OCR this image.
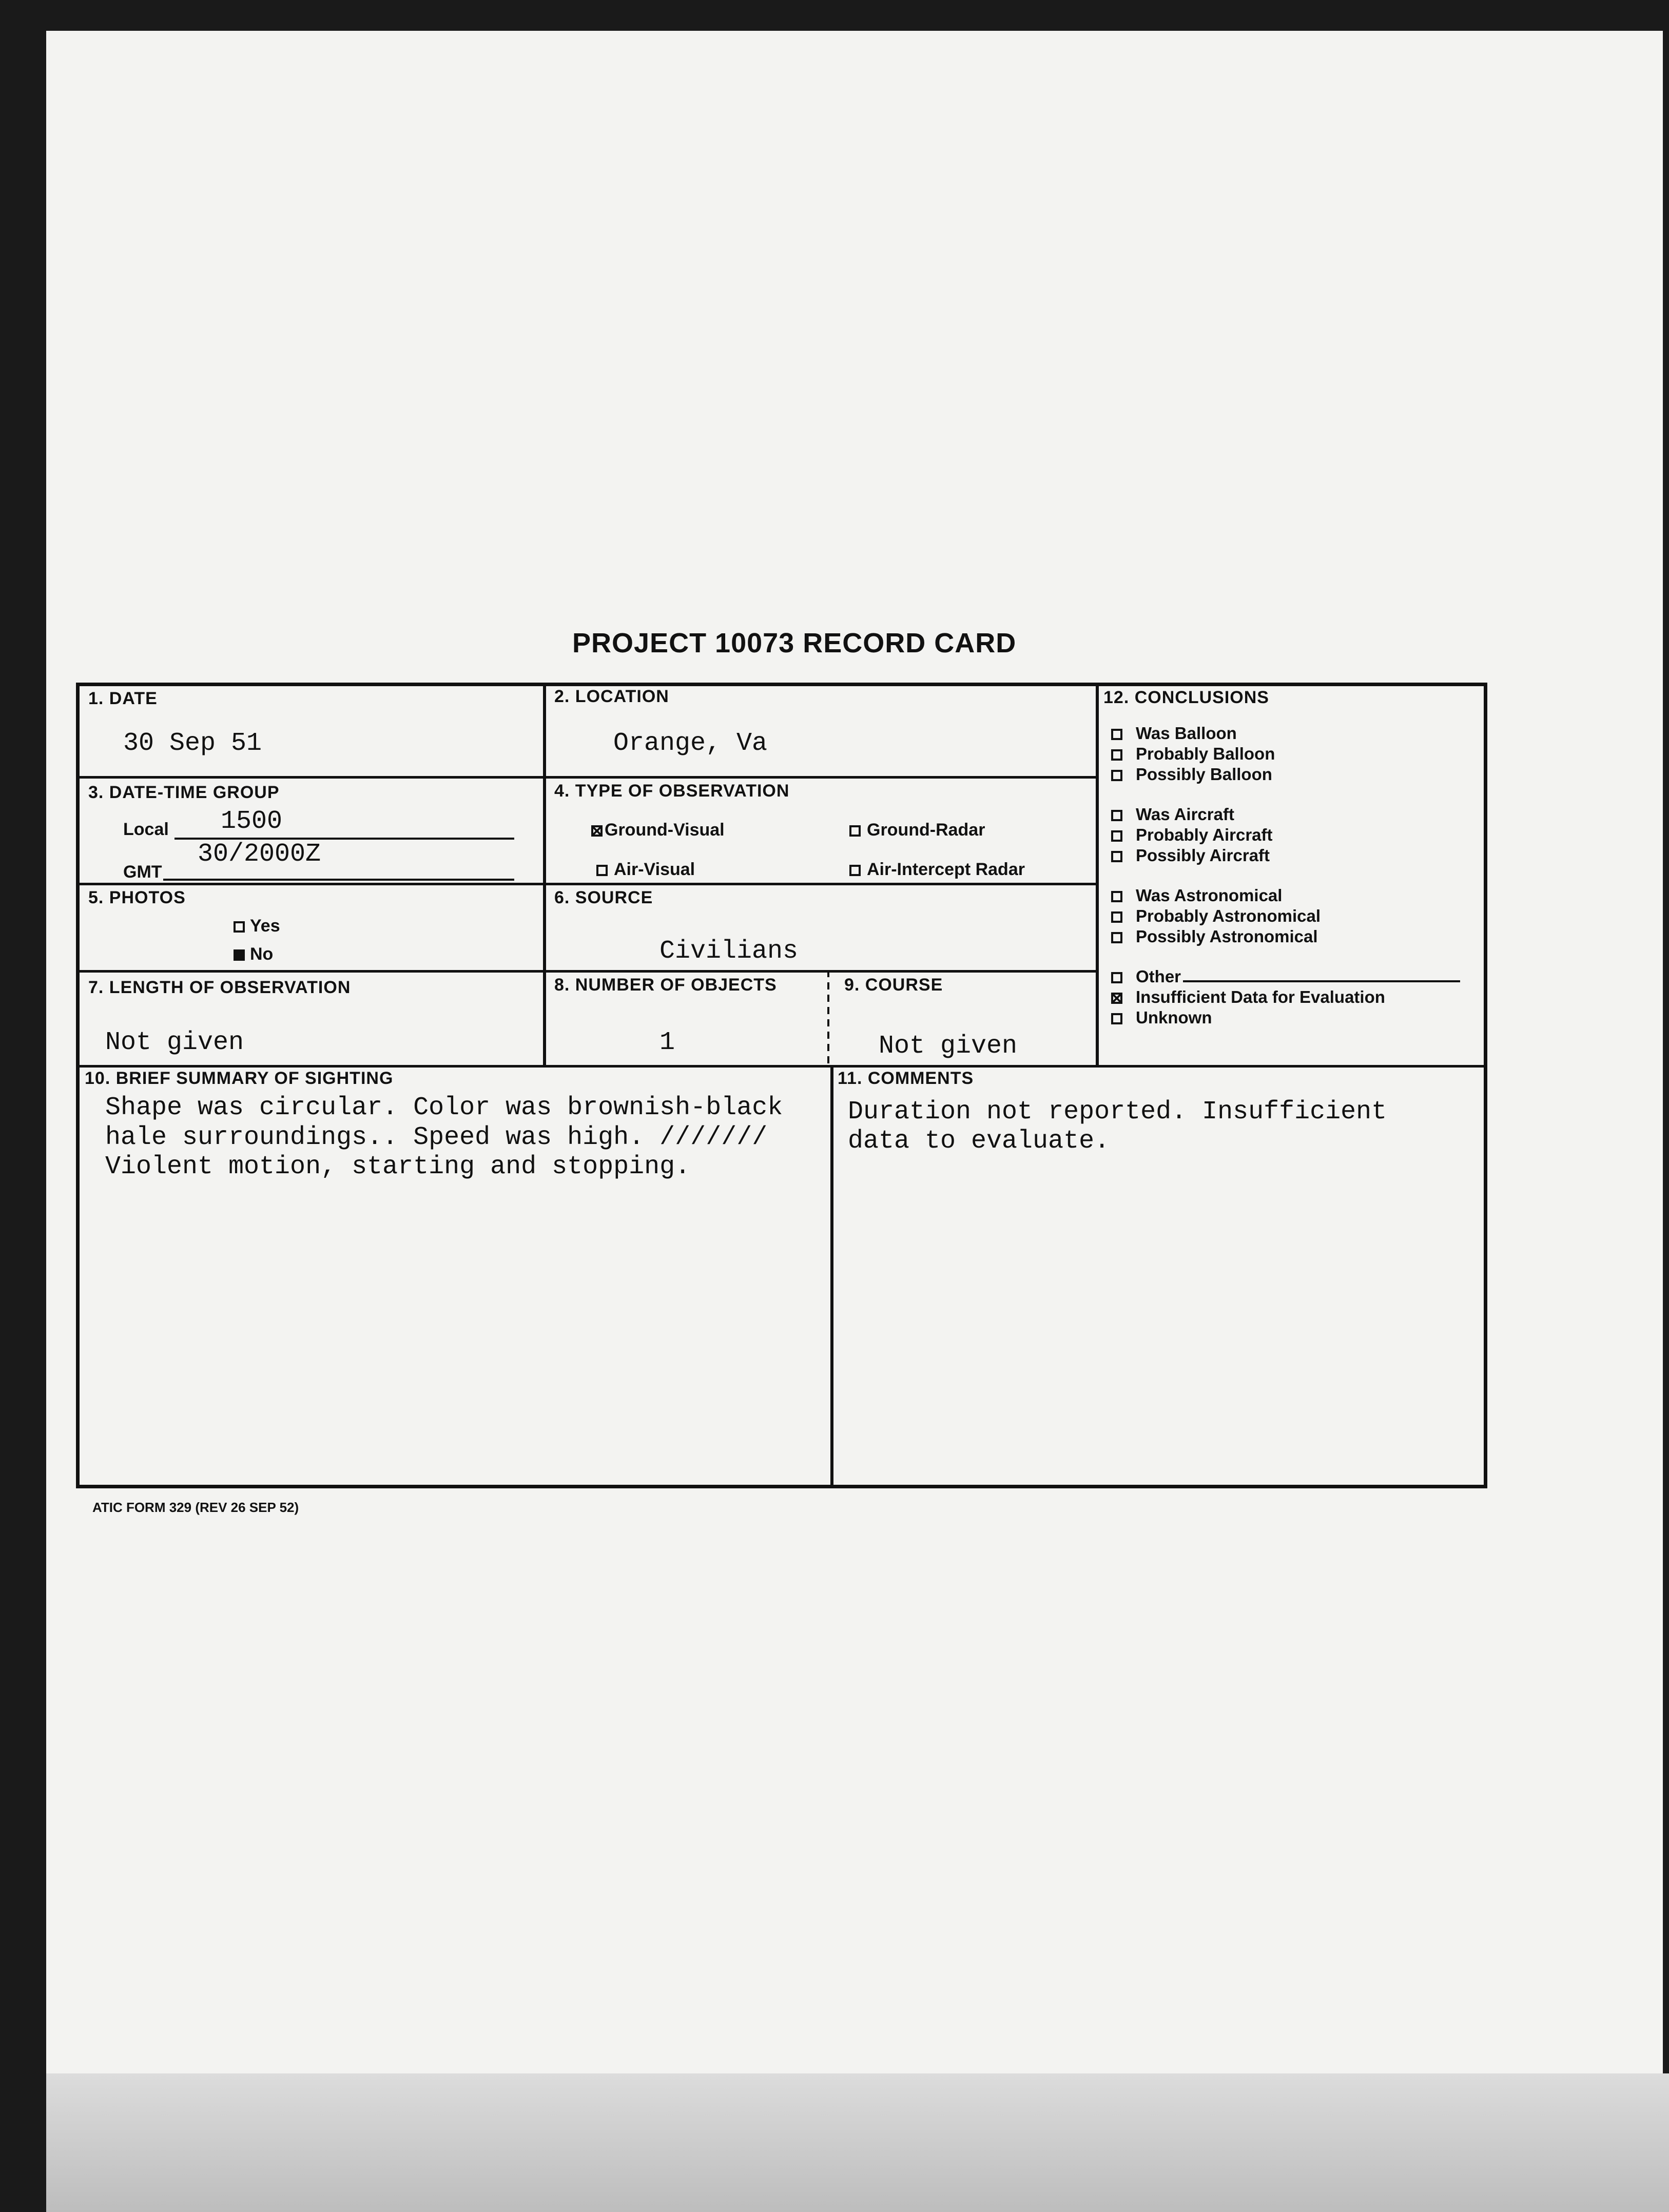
PROJECT 10073 RECORD CARD
1. DATE
30 Sep 51
2. LOCATION
Orange, Va
3. DATE-TIME GROUP
Local 1500
30/2000Z
GMT
4. TYPE OF OBSERVATION
Ground-Visual	Ground-Radar
Air-Visual	Air-Intercept Radar
5. PHOTOS
Yes
No
6. SOURCE
Civilians
7. LENGTH OF OBSERVATION
Not given
8. NUMBER OF OBJECTS
1
9. COURSE
Not given
10. BRIEF SUMMARY OF SIGHTING
Shape was circular. Color was brownish-black
hale surroundings.. Speed was high. ///////
Violent motion, starting and stopping.
11. COMMENTS
Duration not reported. Insufficient
data to evaluate.
12. CONCLUSIONS
Was Balloon
Probably Balloon
Possibly Balloon
Was Aircraft
Probably Aircraft
Possibly Aircraft
Was Astronomical
Probably Astronomical
Possibly Astronomical
Other
Insufficient Data for Evaluation
Unknown
ATIC FORM 329 (REV 26 SEP 52)
